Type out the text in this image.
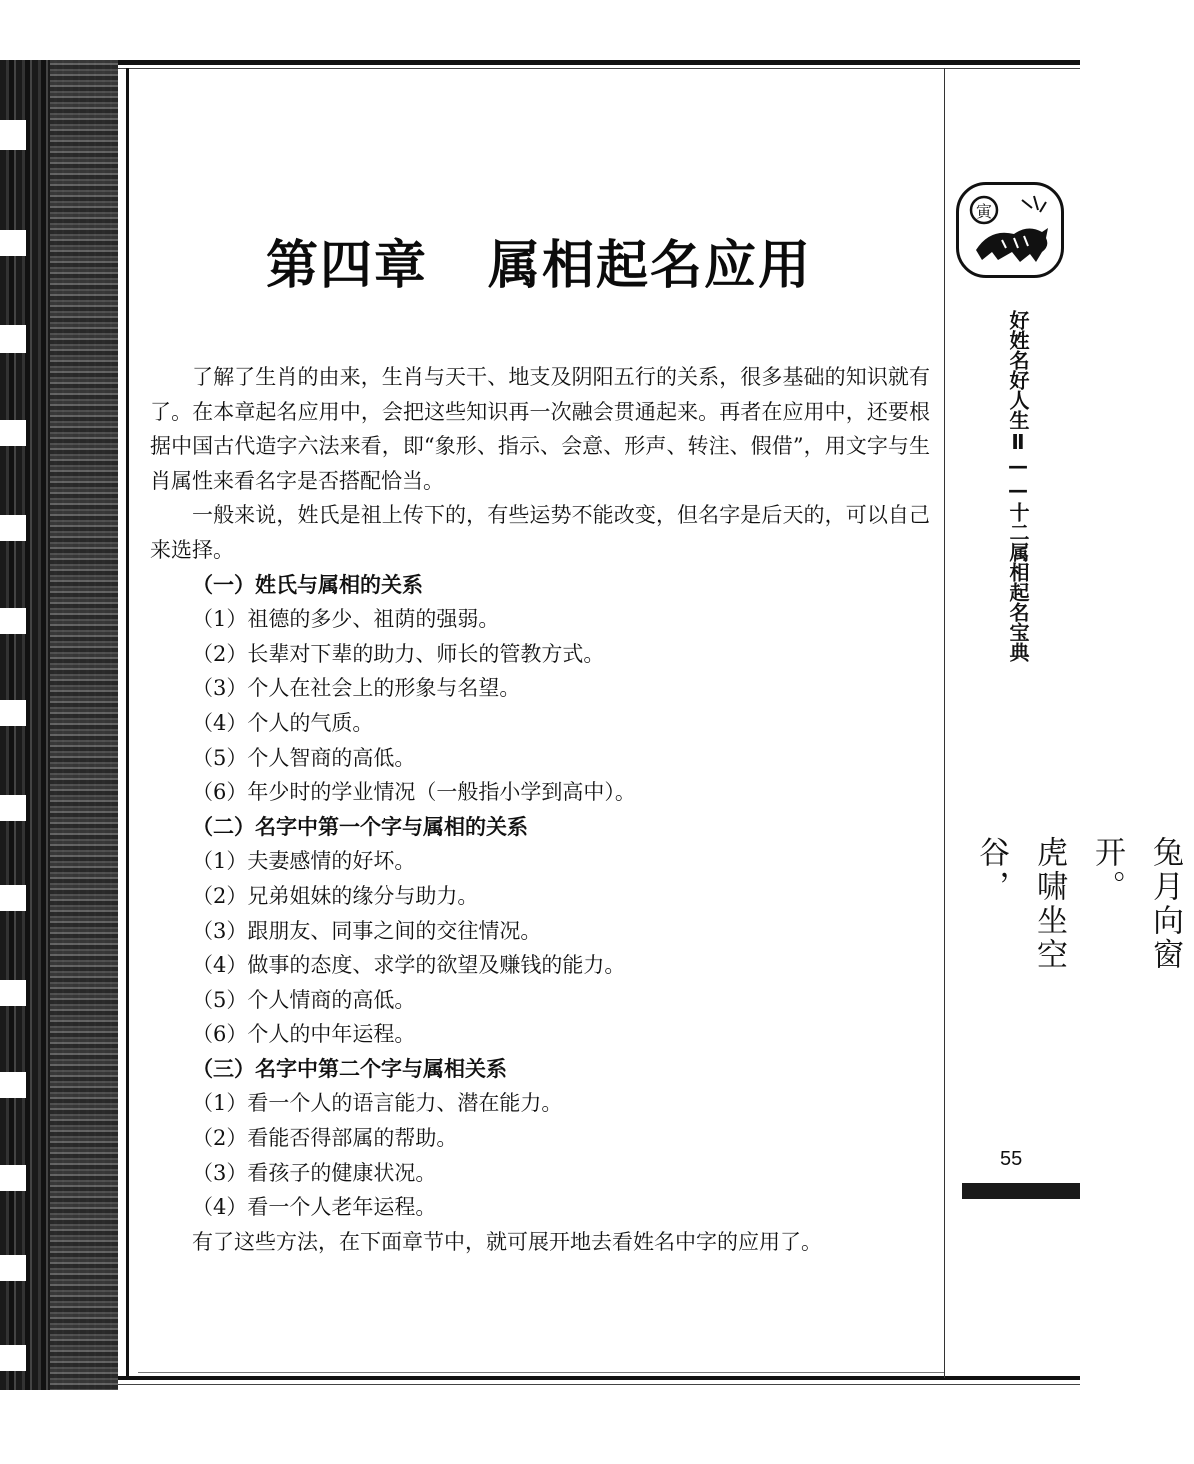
第四章 属相起名应用

了解了生肖的由来，生肖与天干、地支及阴阳五行的关系，很多基础的知识就有了。在本章起名应用中，会把这些知识再一次融会贯通起来。再者在应用中，还要根据中国古代造字六法来看，即“象形、指示、会意、形声、转注、假借”，用文字与生肖属性来看名字是否搭配恰当。

一般来说，姓氏是祖上传下的，有些运势不能改变，但名字是后天的，可以自己来选择。

（一）姓氏与属相的关系

（1）祖德的多少、祖荫的强弱。

（2）长辈对下辈的助力、师长的管教方式。

（3）个人在社会上的形象与名望。

（4）个人的气质。

（5）个人智商的高低。

（6）年少时的学业情况（一般指小学到高中）。

（二）名字中第一个字与属相的关系

（1）夫妻感情的好坏。

（2）兄弟姐妹的缘分与助力。

（3）跟朋友、同事之间的交往情况。

（4）做事的态度、求学的欲望及赚钱的能力。

（5）个人情商的高低。

（6）个人的中年运程。

（三）名字中第二个字与属相关系

（1）看一个人的语言能力、潜在能力。

（2）看能否得部属的帮助。

（3）看孩子的健康状况。

（4）看一个人老年运程。

有了这些方法，在下面章节中，就可展开地去看姓名中字的应用了。

寅
好姓名好人生Ⅱ——十二属相起名宝典
兔月向窗开。
虎啸坐空谷，
55
